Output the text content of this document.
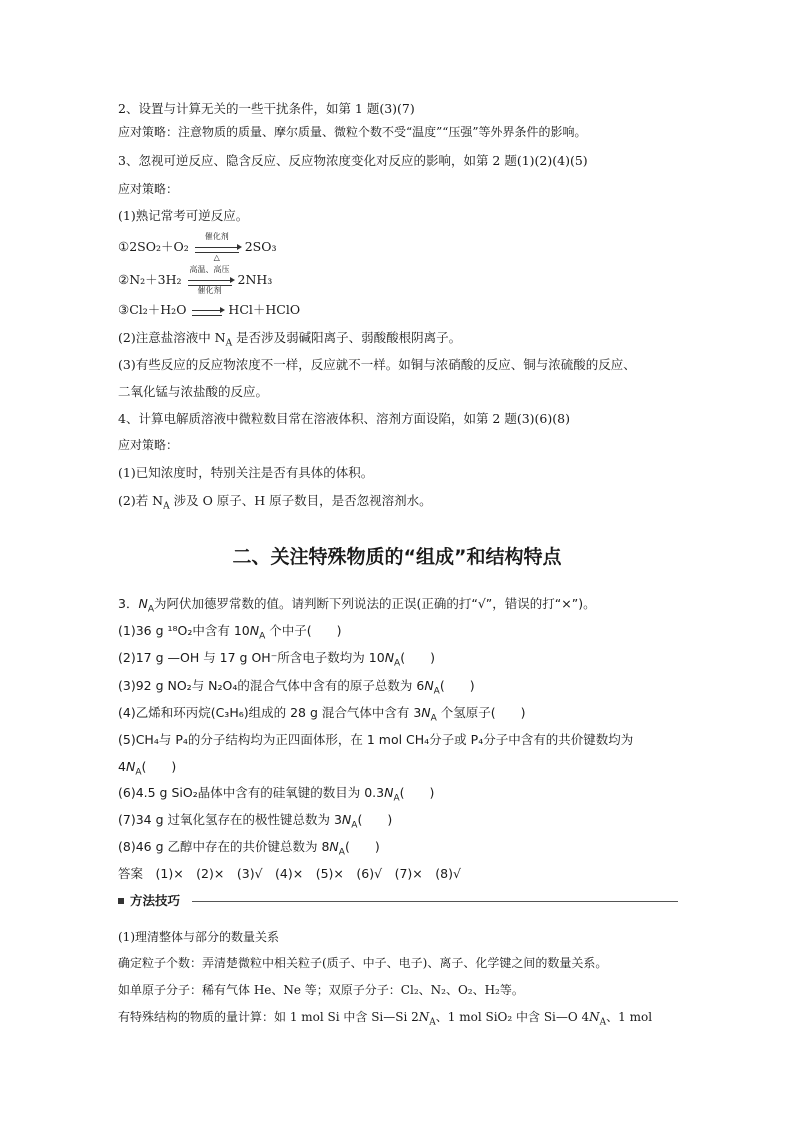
2、设置与计算无关的一些干扰条件，如第 1 题(3)(7)
应对策略：注意物质的质量、摩尔质量、微粒个数不受“温度”“压强”等外界条件的影响。
3、忽视可逆反应、隐含反应、反应物浓度变化对反应的影响，如第 2 题(1)(2)(4)(5)
应对策略：
(1)熟记常考可逆反应。
①2SO₂＋O₂
催化剂
△
2SO₃
②N₂＋3H₂
高温、高压
催化剂
2NH₃
③Cl₂＋H₂O → HCl＋HClO
(2)注意盐溶液中 $N_A$ 是否涉及弱碱阳离子、弱酸酸根阴离子。
(3)有些反应的反应物浓度不一样，反应就不一样。如铜与浓硝酸的反应、铜与浓硫酸的反应、
二氧化锰与浓盐酸的反应。
4、计算电解质溶液中微粒数目常在溶液体积、溶剂方面设陷，如第 2 题(3)(6)(8)
应对策略：
(1)已知浓度时，特别关注是否有具体的体积。
(2)若 $N_A$ 涉及 O 原子、H 原子数目，是否忽视溶剂水。
二、关注特殊物质的“组成”和结构特点
3．$N_A$为阿伏加德罗常数的值。请判断下列说法的正误(正确的打“√”，错误的打“×”)。
(1)36 g ¹⁸O₂中含有 $10N_A$ 个中子(　　)
(2)17 g —OH 与 17 g OH⁻所含电子数均为 $10N_A$(　　)
(3)92 g NO₂与 N₂O₄的混合气体中含有的原子总数为 $6N_A$(　　)
(4)乙烯和环丙烷(C₃H₆)组成的 28 g 混合气体中含有 $3N_A$ 个氢原子(　　)
(5)CH₄与 P₄的分子结构均为正四面体形，在 1 mol CH₄分子或 P₄分子中含有的共价键数均为
$4N_A$(　　)
(6)4.5 g SiO₂晶体中含有的硅氧键的数目为 $0.3N_A$(　　)
(7)34 g 过氧化氢存在的极性键总数为 $3N_A$(　　)
(8)46 g 乙醇中存在的共价键总数为 $8N_A$(　　)
答案　(1)×　(2)×　(3)√　(4)×　(5)×　(6)√　(7)×　(8)√
方法技巧
(1)理清整体与部分的数量关系
确定粒子个数：弄清楚微粒中相关粒子(质子、中子、电子)、离子、化学键之间的数量关系。
如单原子分子：稀有气体 He、Ne 等；双原子分子：Cl₂、N₂、O₂、H₂等。
有特殊结构的物质的量计算：如 1 mol Si 中含 Si—Si $2N_A$、1 mol SiO₂ 中含 Si—O $4N_A$、1 mol
